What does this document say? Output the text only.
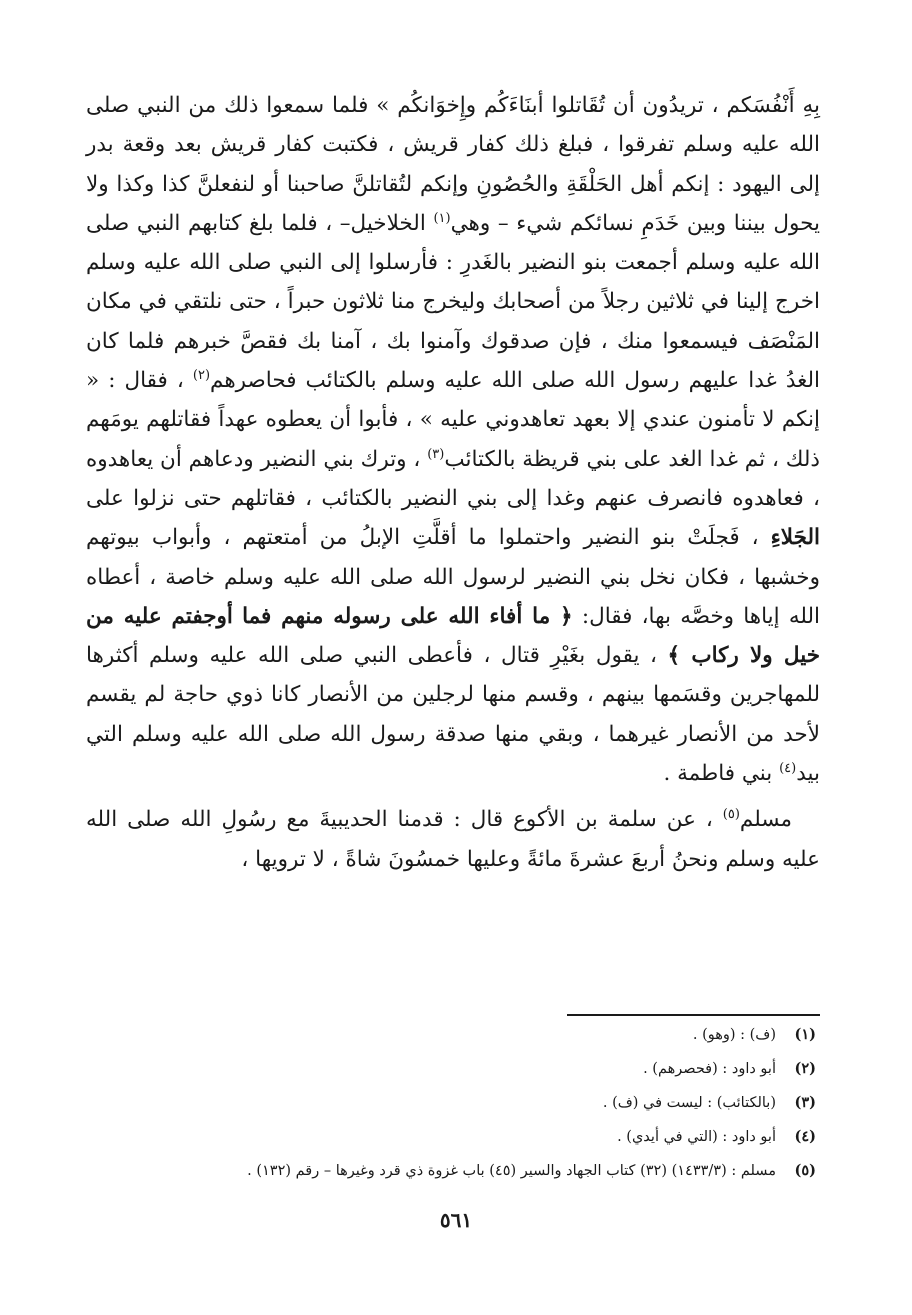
بِهِ أَنْفُسَكم ، تريدُون أن تُقَاتلوا أبنَاءَكُم وإِخوَانكُم » فلما سمعوا ذلك من النبي صلى الله عليه وسلم تفرقوا ، فبلغ ذلك كفار قريش ، فكتبت كفار قريش بعد وقعة بدر إلى اليهود : إنكم أهل الحَلْقَةِ والحُصُونِ وإنكم لتُقاتلنَّ صاحبنا أو لنفعلنَّ كذا وكذا ولا يحول بيننا وبين خَدَمِ نسائكم شيء – وهي$^{(١)}$ الخلاخيل– ، فلما بلغ كتابهم النبي صلى الله عليه وسلم أجمعت بنو النضير بالغَدرِ : فأرسلوا إلى النبي صلى الله عليه وسلم اخرج إلينا في ثلاثين رجلاً من أصحابك وليخرج منا ثلاثون حبراً ، حتى نلتقي في مكان المَنْصَف فيسمعوا منك ، فإن صدقوك وآمنوا بك ، آمنا بك فقصَّ خبرهم فلما كان الغدُ غدا عليهم رسول الله صلى الله عليه وسلم بالكتائب فحاصرهم$^{(٢)}$ ، فقال : « إنكم لا تأمنون عندي إلا بعهد تعاهدوني عليه » ، فأبوا أن يعطوه عهداً فقاتلهم يومَهم ذلك ، ثم غدا الغد على بني قريظة بالكتائب$^{(٣)}$ ، وترك بني النضير ودعاهم أن يعاهدوه ، فعاهدوه فانصرف عنهم وغدا إلى بني النضير بالكتائب ، فقاتلهم حتى نزلوا على الجَلاءِ ، فَجلَتْ بنو النضير واحتملوا ما أقلَّتِ الإبلُ من أمتعتهم ، وأبواب بيوتهم وخشبها ، فكان نخل بني النضير لرسول الله صلى الله عليه وسلم خاصة ، أعطاه الله إياها وخصَّه بها، فقال: ﴿ ما أفاء الله على رسوله منهم فما أوجفتم عليه من خيل ولا ركاب ﴾ ، يقول بغَيْرِ قتال ، فأعطى النبي صلى الله عليه وسلم أكثرها للمهاجرين وقسَمها بينهم ، وقسم منها لرجلين من الأنصار كانا ذوي حاجة لم يقسم لأحد من الأنصار غيرهما ، وبقي منها صدقة رسول الله صلى الله عليه وسلم التي بيد$^{(٤)}$ بني فاطمة .

مسلم$^{(٥)}$ ، عن سلمة بن الأكوع قال : قدمنا الحديبيةَ مع رسُولِ الله صلى الله عليه وسلم ونحنُ أربعَ عشرةَ مائةً وعليها خمسُونَ شاةً ، لا ترويها ،

(١)
(ف) : (وهو) .
(٢)
أبو داود : (فحصرهم) .
(٣)
(بالكتائب) : ليست في (ف) .
(٤)
أبو داود : (التي في أيدي) .
(٥)
مسلم : (١٤٣٣/٣) (٣٢) كتاب الجهاد والسير (٤٥) باب غزوة ذي قرد وغيرها – رقم (١٣٢) .
٥٦١
